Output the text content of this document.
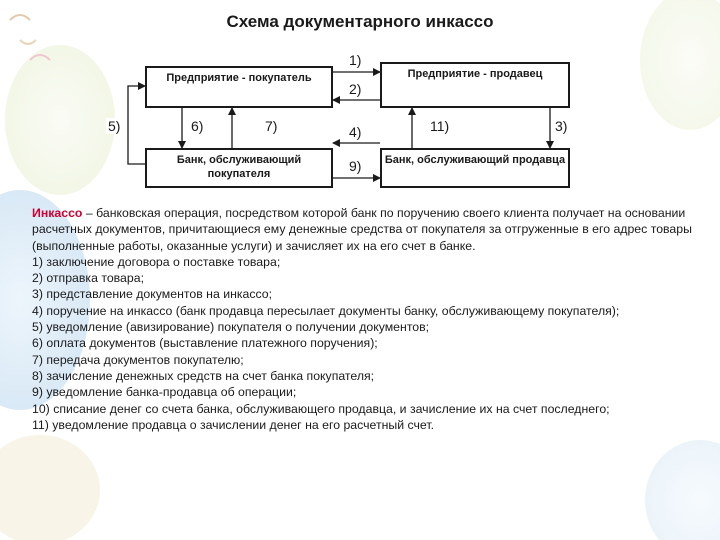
Схема документарного инкассо
Предприятие - покупатель	Предприятие - продавец
Банк, обслуживающий покупателя
Банк, обслуживающий продавца
1)
2)
4)
9)
5)	6)	7)	11)	3)
Инкассо – банковская операция, посредством которой банк по поручению своего клиента получает на основании расчетных документов, причитающиеся ему денежные средства от покупателя за отгруженные в его адрес товары (выполненные работы, оказанные услуги) и зачисляет их на его счет в банке.
1) заключение договора о поставке товара;
2) отправка товара;
3) представление документов на инкассо;
4) поручение на инкассо (банк продавца пересылает документы банку, обслуживающему покупателя);
5) уведомление (авизирование) покупателя о получении документов;
6) оплата документов (выставление платежного поручения);
7) передача документов покупателю;
8) зачисление денежных средств на счет банка покупателя;
9) уведомление банка-продавца об операции;
10) списание денег со счета банка, обслуживающего продавца, и зачисление их на счет последнего;
11) уведомление продавца о зачислении денег на его расчетный счет.
